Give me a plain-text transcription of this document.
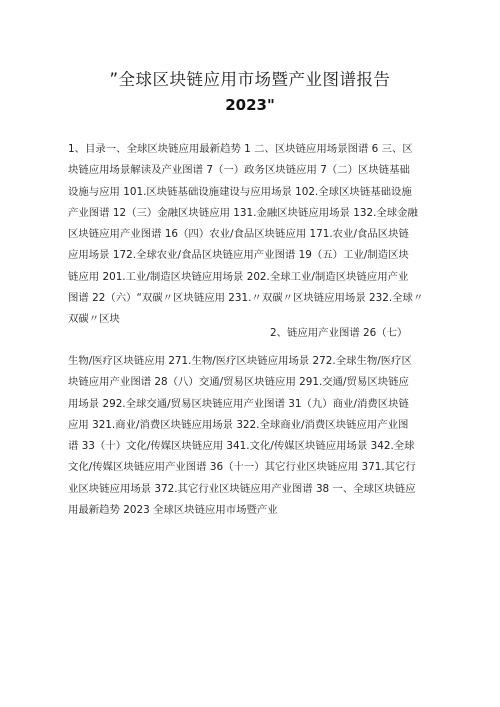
”全球区块链应用市场暨产业图谱报告
2023"
1、目录一、全球区块链应用最新趋势 1 二、区块链应用场景图谱 6 三、区
块链应用场景解读及产业图谱 7（一）政务区块链应用 7（二）区块链基础
设施与应用 101.区块链基础设施建设与应用场景 102.全球区块链基础设施
产业图谱 12（三）金融区块链应用 131.金融区块链应用场景 132.全球金融
区块链应用产业图谱 16（四）农业/食品区块链应用 171.农业/食品区块链
应用场景 172.全球农业/食品区块链应用产业图谱 19（五）工业/制造区块
链应用 201.工业/制造区块链应用场景 202.全球工业/制造区块链应用产业
图谱 22（六）“双碳〃区块链应用 231.〃双碳〃区块链应用场景 232.全球〃
双碳〃区块
2、链应用产业图谱 26（七）
生物/医疗区块链应用 271.生物/医疗区块链应用场景 272.全球生物/医疗区
块链应用产业图谱 28（八）交通/贸易区块链应用 291.交通/贸易区块链应
用场景 292.全球交通/贸易区块链应用产业图谱 31（九）商业/消费区块链
应用 321.商业/消费区块链应用场景 322.全球商业/消费区块链应用产业图
谱 33（十）文化/传媒区块链应用 341.文化/传媒区块链应用场景 342.全球
文化/传媒区块链应用产业图谱 36（十一）其它行业区块链应用 371.其它行
业区块链应用场景 372.其它行业区块链应用产业图谱 38 一、全球区块链应
用最新趋势 2023 全球区块链应用市场暨产业
